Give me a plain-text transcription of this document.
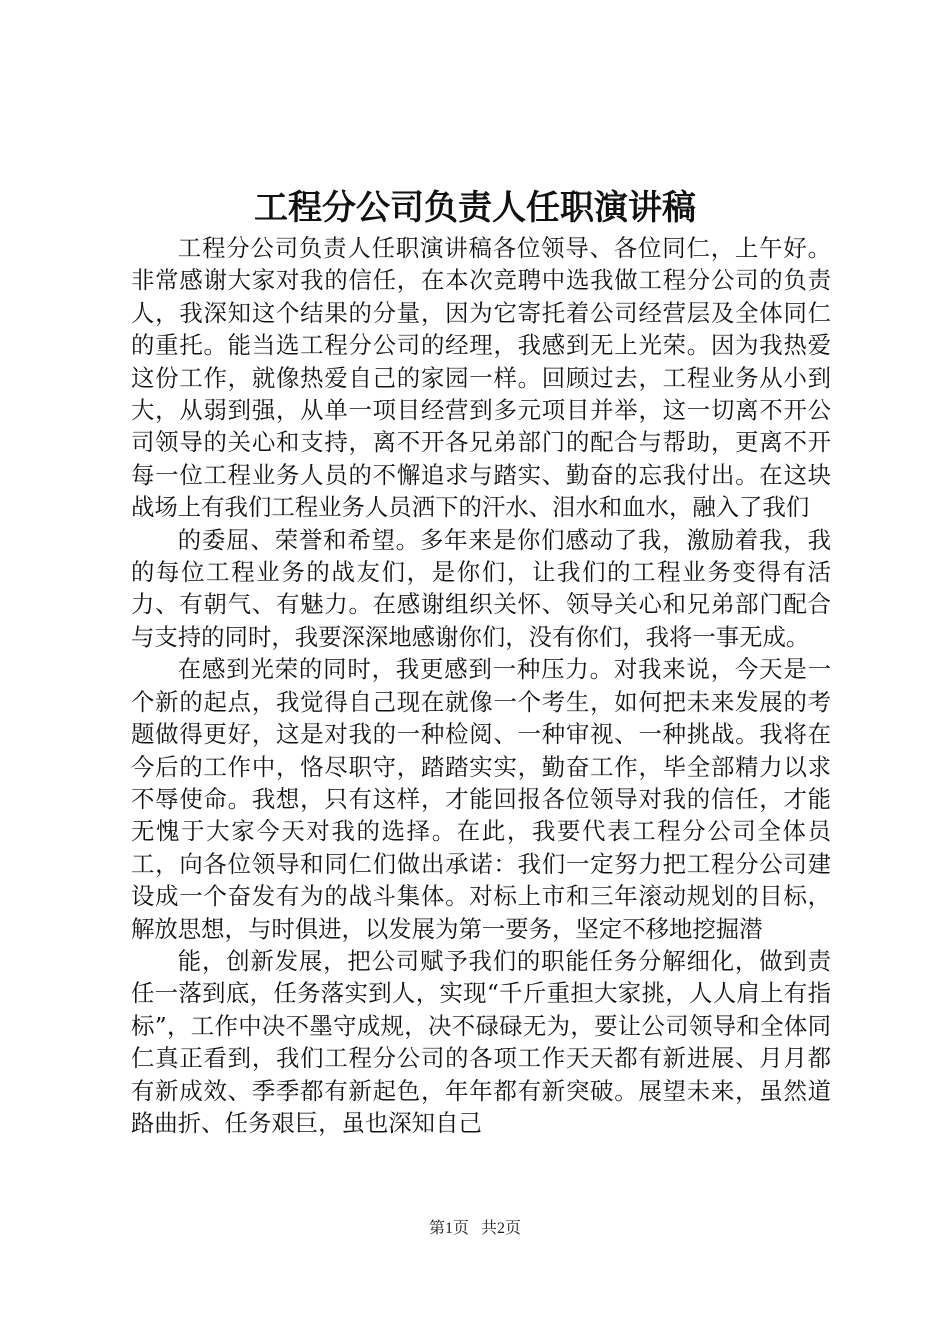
工程分公司负责人任职演讲稿

工程分公司负责人任职演讲稿各位领导、各位同仁，上午好。非常感谢大家对我的信任，在本次竞聘中选我做工程分公司的负责人，我深知这个结果的分量，因为它寄托着公司经营层及全体同仁的重托。能当选工程分公司的经理，我感到无上光荣。因为我热爱这份工作，就像热爱自己的家园一样。回顾过去，工程业务从小到大，从弱到强，从单一项目经营到多元项目并举，这一切离不开公司领导的关心和支持，离不开各兄弟部门的配合与帮助，更离不开每一位工程业务人员的不懈追求与踏实、勤奋的忘我付出。在这块战场上有我们工程业务人员洒下的汗水、泪水和血水，融入了我们

的委屈、荣誉和希望。多年来是你们感动了我，激励着我，我的每位工程业务的战友们，是你们，让我们的工程业务变得有活力、有朝气、有魅力。在感谢组织关怀、领导关心和兄弟部门配合与支持的同时，我要深深地感谢你们，没有你们，我将一事无成。

在感到光荣的同时，我更感到一种压力。对我来说，今天是一个新的起点，我觉得自己现在就像一个考生，如何把未来发展的考题做得更好，这是对我的一种检阅、一种审视、一种挑战。我将在今后的工作中，恪尽职守，踏踏实实，勤奋工作，毕全部精力以求不辱使命。我想，只有这样，才能回报各位领导对我的信任，才能无愧于大家今天对我的选择。在此，我要代表工程分公司全体员工，向各位领导和同仁们做出承诺：我们一定努力把工程分公司建设成一个奋发有为的战斗集体。对标上市和三年滚动规划的目标，解放思想，与时俱进，以发展为第一要务，坚定不移地挖掘潜

能，创新发展，把公司赋予我们的职能任务分解细化，做到责任一落到底，任务落实到人，实现“千斤重担大家挑，人人肩上有指标”，工作中决不墨守成规，决不碌碌无为，要让公司领导和全体同仁真正看到，我们工程分公司的各项工作天天都有新进展、月月都有新成效、季季都有新起色，年年都有新突破。展望未来，虽然道路曲折、任务艰巨，虽也深知自己

第1页 共2页
